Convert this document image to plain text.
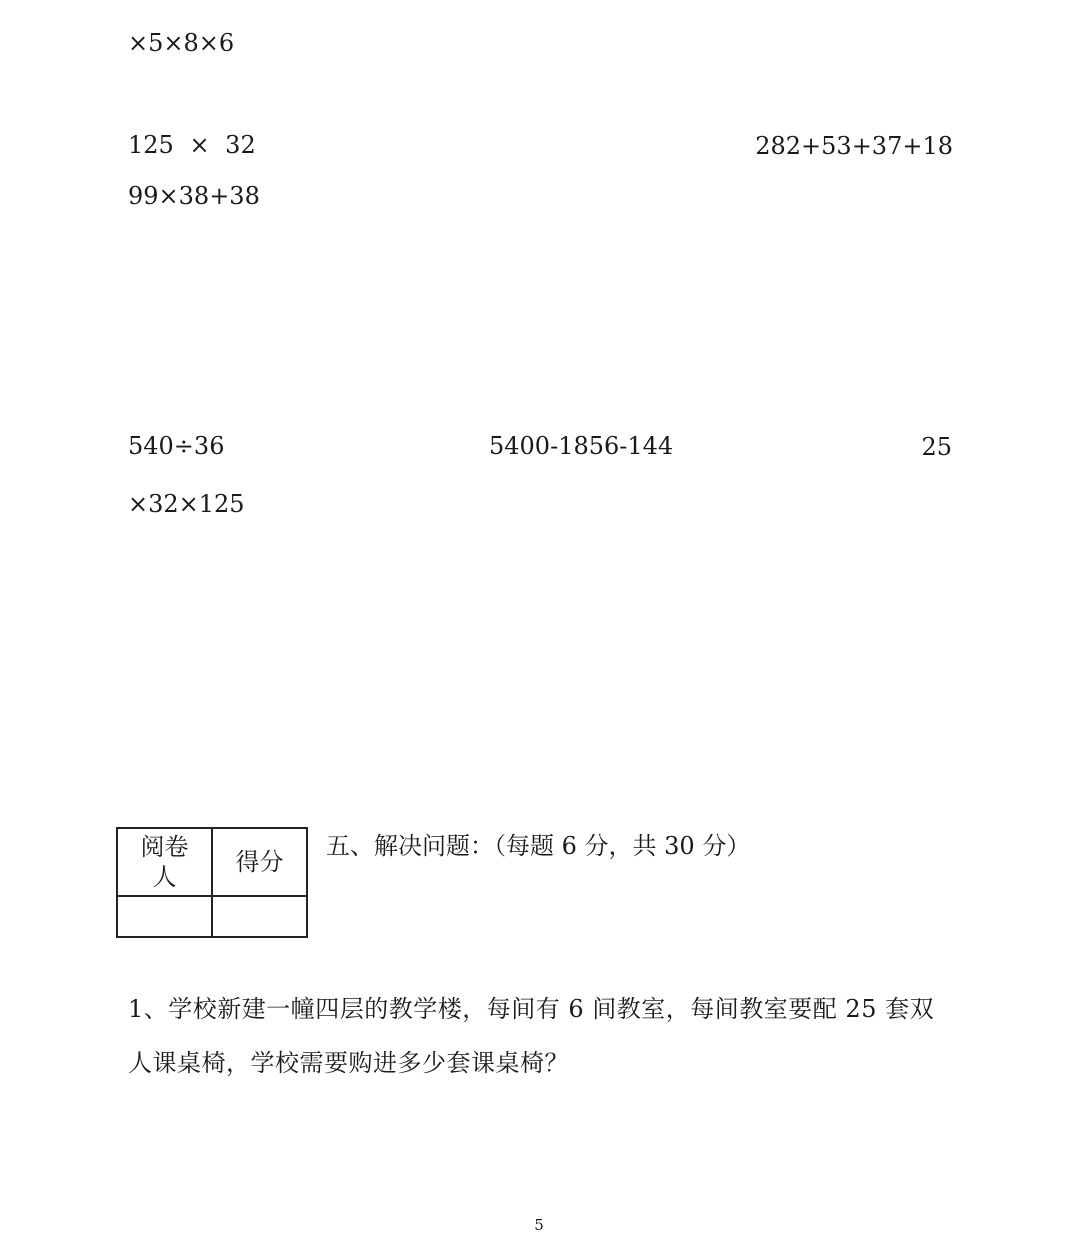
×5×8×6
125 × 32	282+53+37+18
99×38+38
540÷36	5400-1856-144	25
×32×125
阅卷
人	得分

五、解决问题：（每题 6 分，共 30 分）
1、学校新建一幢四层的教学楼，每间有 6 间教室，每间教室要配 25 套双人课桌椅，学校需要购进多少套课桌椅？
5
